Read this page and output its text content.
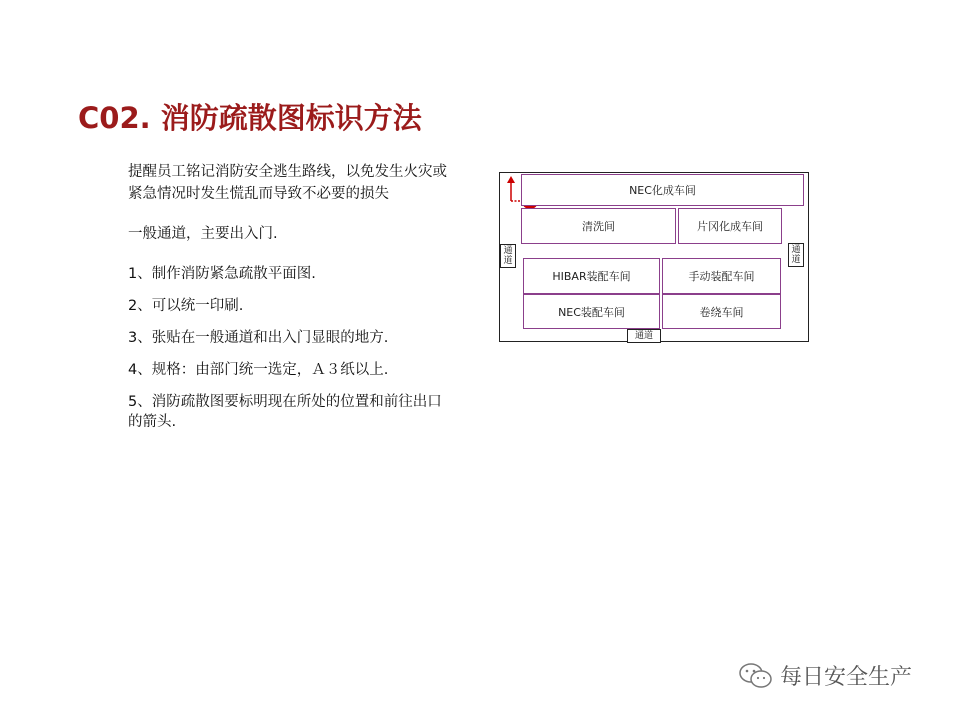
C02. 消防疏散图标识方法
提醒员工铭记消防安全逃生路线，以免发生火灾或紧急情况时发生慌乱而导致不必要的损失
一般通道，主要出入门.
1、制作消防紧急疏散平面图.
2、可以统一印刷.
3、张贴在一般通道和出入门显眼的地方.
4、规格：由部门统一选定，Ａ３纸以上.
5、消防疏散图要标明现在所处的位置和前往出口的箭头.
NEC化成车间
清洗间	片冈化成车间
HIBAR装配车间	手动装配车间
NEC装配车间	卷绕车间
通道
通道
通道
每日安全生产
